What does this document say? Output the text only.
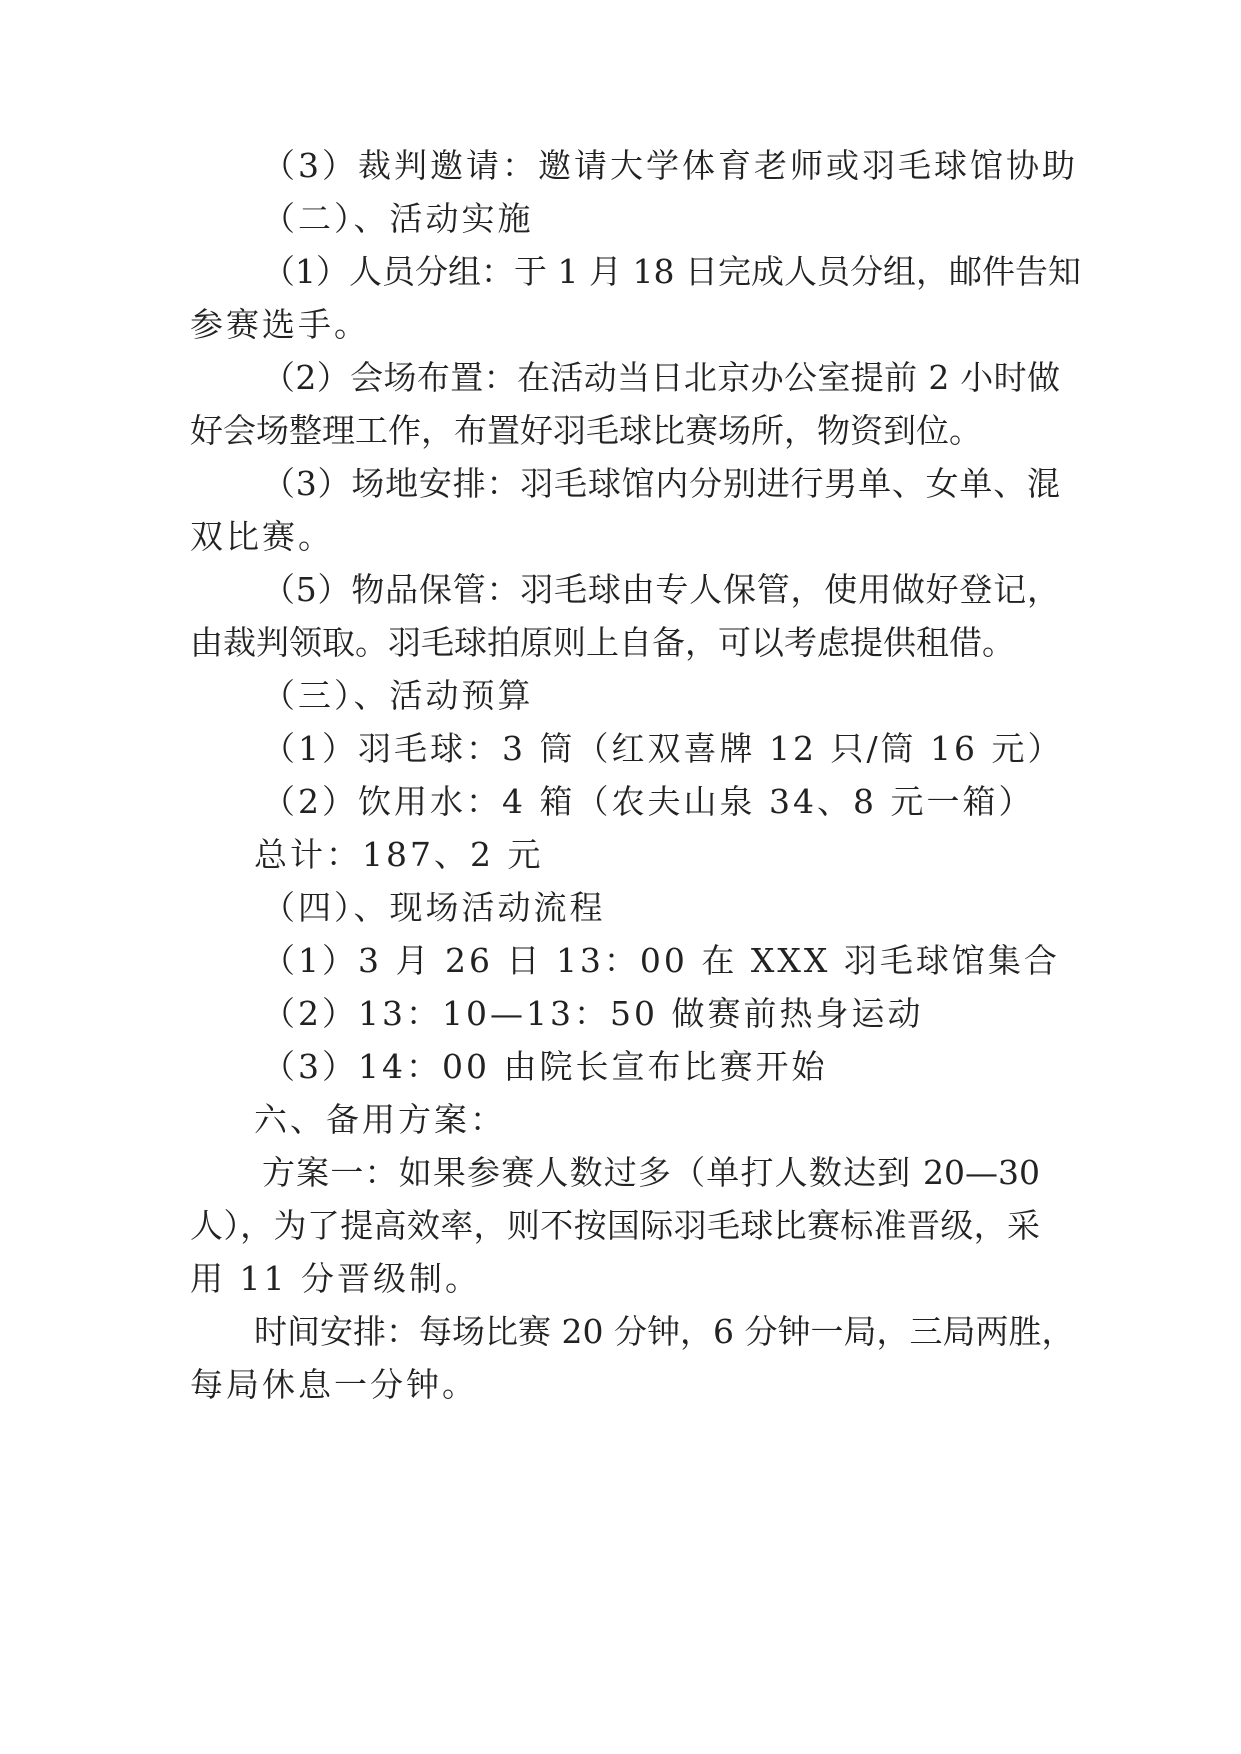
（3）裁判邀请：邀请大学体育老师或羽毛球馆协助
（二）、活动实施
（1）人员分组：于 1 月 18 日完成人员分组，邮件告知
参赛选手。
（2）会场布置：在活动当日北京办公室提前 2 小时做
好会场整理工作，布置好羽毛球比赛场所，物资到位。
（3）场地安排：羽毛球馆内分别进行男单、女单、混
双比赛。
（5）物品保管：羽毛球由专人保管，使用做好登记，
由裁判领取。羽毛球拍原则上自备，可以考虑提供租借。
（三）、活动预算
（1）羽毛球：3 筒（红双喜牌 12 只/筒 16 元）
（2）饮用水：4 箱（农夫山泉 34、8 元一箱）
总计：187、2 元
（四）、现场活动流程
（1）3 月 26 日 13：00 在 XXX 羽毛球馆集合
（2）13：10—13：50 做赛前热身运动
（3）14：00 由院长宣布比赛开始
六、备用方案：
方案一：如果参赛人数过多（单打人数达到 20—30
人），为了提高效率，则不按国际羽毛球比赛标准晋级，采
用 11 分晋级制。
时间安排：每场比赛 20 分钟，6 分钟一局，三局两胜，
每局休息一分钟。
